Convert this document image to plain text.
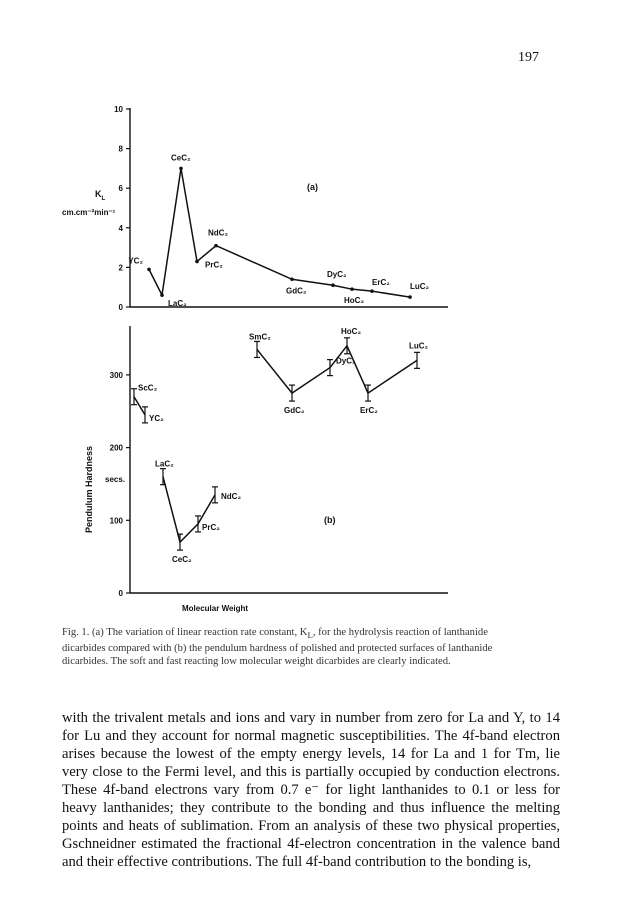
197
0
2
4
6
8
10
$K_L$
cm.cm⁻²min⁻¹
(a)
YC₂
LaC₂
CeC₂
PrC₂
NdC₂
GdC₂
DyC₂
HoC₂
ErC₂	LuC₂
0
100
200
300
Pendulum Hardness secs.
(b)
Molecular Weight
ScC₂
YC₂
LaC₂
CeC₂
PrC₂
NdC₂
SmC₂
GdC₂
DyC₂
HoC₂
ErC₂
LuC₂
Fig. 1. (a) The variation of linear reaction rate constant, $K_L$, for the hydrolysis reaction of lanthanide
dicarbides compared with (b) the pendulum hardness of polished and protected surfaces of lanthanide
dicarbides. The soft and fast reacting low molecular weight dicarbides are clearly indicated.
with the trivalent metals and ions and vary in number from zero for La and Y, to 14
for Lu and they account for normal magnetic susceptibilities. The 4f-band electron
arises because the lowest of the empty energy levels, 14 for La and 1 for Tm, lie
very close to the Fermi level, and this is partially occupied by conduction electrons.
These 4f-band electrons vary from 0.7 e⁻ for light lanthanides to 0.1 or less for
heavy lanthanides; they contribute to the bonding and thus influence the melting
points and heats of sublimation. From an analysis of these two physical properties,
Gschneidner estimated the fractional 4f-electron concentration in the valence band
and their effective contributions. The full 4f-band contribution to the bonding is,
